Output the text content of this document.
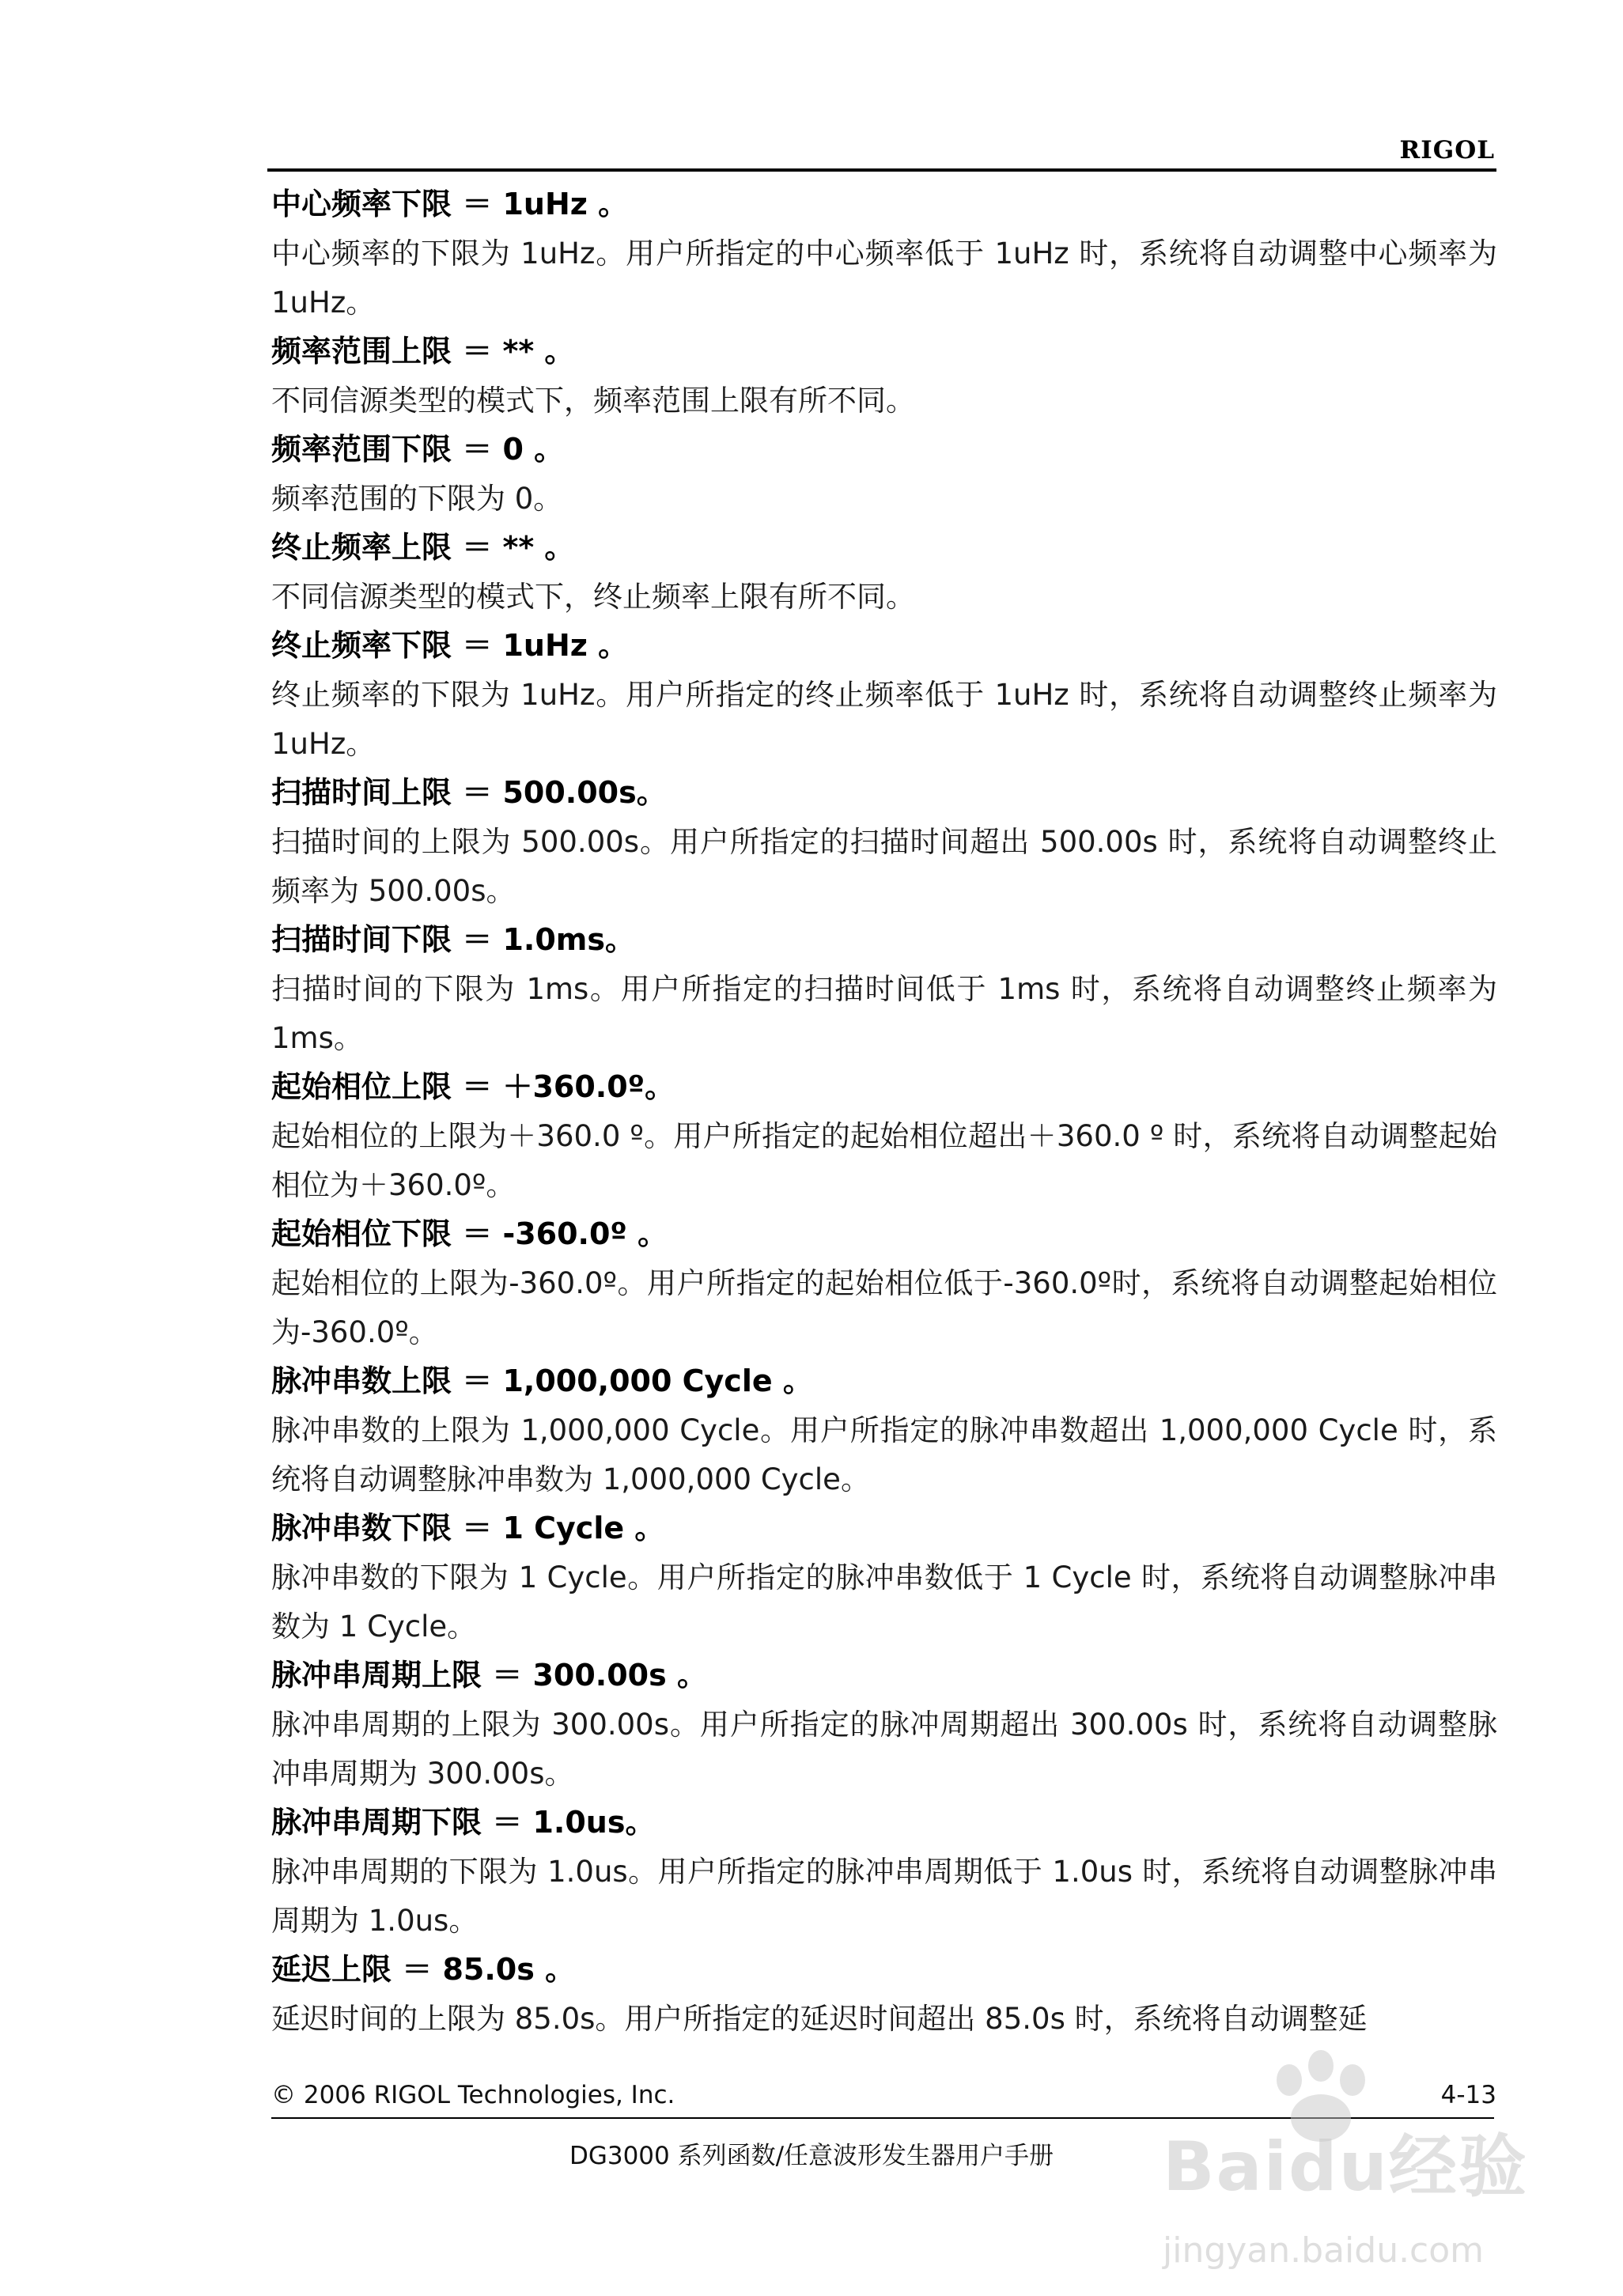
RIGOL
中心频率下限 ＝ 1uHz 。
中心频率的下限为 1uHz。用户所指定的中心频率低于 1uHz 时，系统将自动调整中心频率为 1uHz。
频率范围上限 ＝ ** 。
不同信源类型的模式下，频率范围上限有所不同。
频率范围下限 ＝ 0 。
频率范围的下限为 0。
终止频率上限 ＝ ** 。
不同信源类型的模式下，终止频率上限有所不同。
终止频率下限 ＝ 1uHz 。
终止频率的下限为 1uHz。用户所指定的终止频率低于 1uHz 时，系统将自动调整终止频率为 1uHz。
扫描时间上限 ＝ 500.00s。
扫描时间的上限为 500.00s。用户所指定的扫描时间超出 500.00s 时，系统将自动调整终止频率为 500.00s。
扫描时间下限 ＝ 1.0ms。
扫描时间的下限为 1ms。用户所指定的扫描时间低于 1ms 时，系统将自动调整终止频率为 1ms。
起始相位上限 ＝ ＋360.0º。
起始相位的上限为＋360.0 º。用户所指定的起始相位超出＋360.0 º 时，系统将自动调整起始相位为＋360.0º。
起始相位下限 ＝ -360.0º 。
起始相位的上限为-360.0º。用户所指定的起始相位低于-360.0º时，系统将自动调整起始相位为-360.0º。
脉冲串数上限 ＝ 1,000,000 Cycle 。
脉冲串数的上限为 1,000,000 Cycle。用户所指定的脉冲串数超出 1,000,000 Cycle 时，系统将自动调整脉冲串数为 1,000,000 Cycle。
脉冲串数下限 ＝ 1 Cycle 。
脉冲串数的下限为 1 Cycle。用户所指定的脉冲串数低于 1 Cycle 时，系统将自动调整脉冲串数为 1 Cycle。
脉冲串周期上限 ＝ 300.00s 。
脉冲串周期的上限为 300.00s。用户所指定的脉冲周期超出 300.00s 时，系统将自动调整脉冲串周期为 300.00s。
脉冲串周期下限 ＝ 1.0us。
脉冲串周期的下限为 1.0us。用户所指定的脉冲串周期低于 1.0us 时，系统将自动调整脉冲串周期为 1.0us。
延迟上限 ＝ 85.0s 。
延迟时间的上限为 85.0s。用户所指定的延迟时间超出 85.0s 时，系统将自动调整延
© 2006 RIGOL Technologies, Inc.	4-13
DG3000 系列函数/任意波形发生器用户手册	Baidu经验
jingyan.baidu.com
